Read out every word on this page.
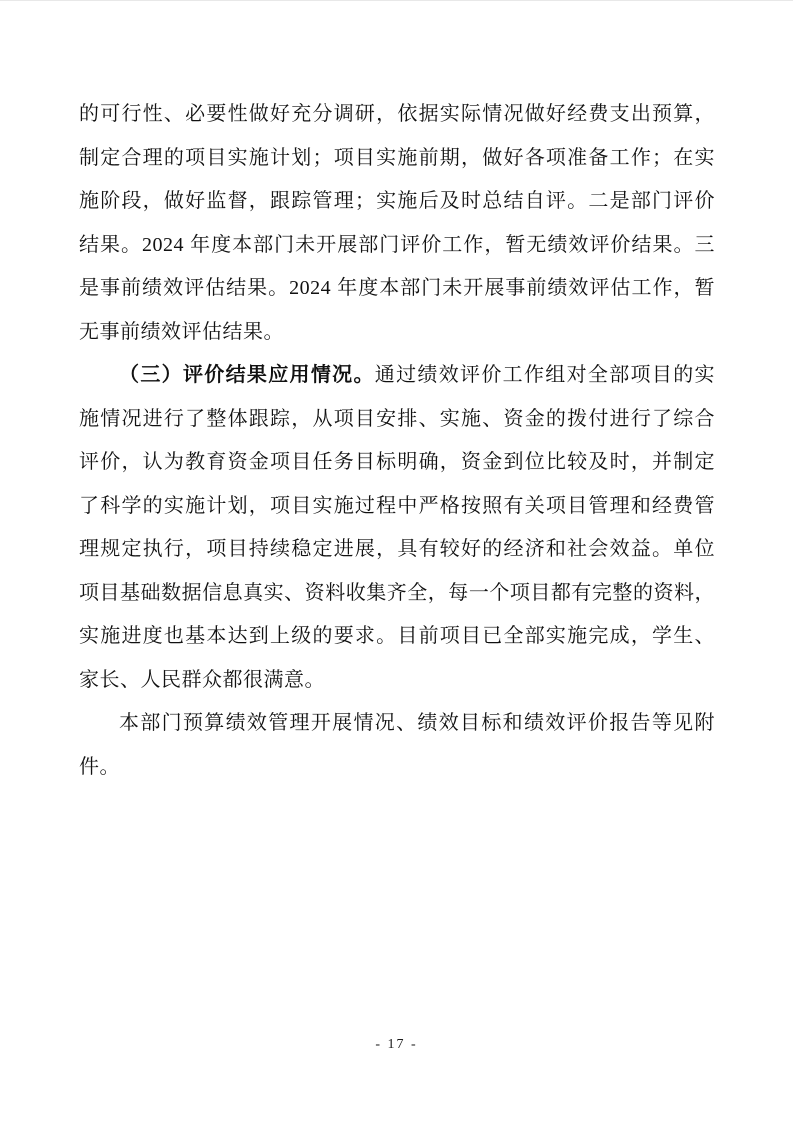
的可行性、必要性做好充分调研，依据实际情况做好经费支出预算，
制定合理的项目实施计划；项目实施前期，做好各项准备工作；在实
施阶段，做好监督，跟踪管理；实施后及时总结自评。二是部门评价
结果。2024 年度本部门未开展部门评价工作，暂无绩效评价结果。三
是事前绩效评估结果。2024 年度本部门未开展事前绩效评估工作，暂
无事前绩效评估结果。
（三）评价结果应用情况。通过绩效评价工作组对全部项目的实
施情况进行了整体跟踪，从项目安排、实施、资金的拨付进行了综合
评价，认为教育资金项目任务目标明确，资金到位比较及时，并制定
了科学的实施计划，项目实施过程中严格按照有关项目管理和经费管
理规定执行，项目持续稳定进展，具有较好的经济和社会效益。单位
项目基础数据信息真实、资料收集齐全，每一个项目都有完整的资料，
实施进度也基本达到上级的要求。目前项目已全部实施完成，学生、
家长、人民群众都很满意。
本部门预算绩效管理开展情况、绩效目标和绩效评价报告等见附
件。
- 17 -
